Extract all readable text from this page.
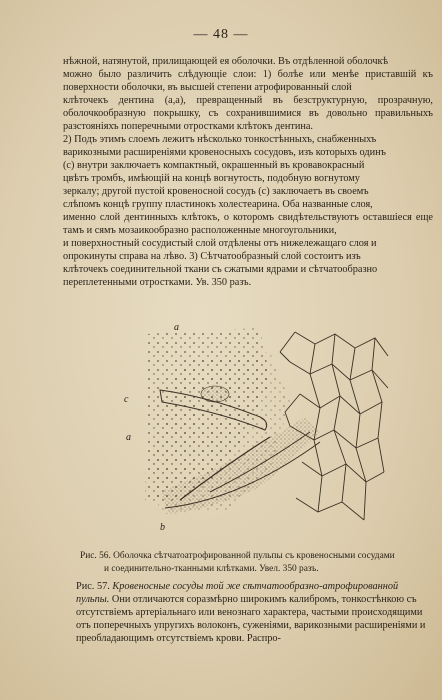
— 48 —
нѣжной, натянутой, прилищающей ея оболочки. Въ отдѣленной оболочкѣ
можно было различить слѣдующіе слои: 1) болѣе или менѣе приставшій къ поверхности оболочки, въ высшей степени атрофированный слой
клѣточекъ дентина (a,a), превращенный въ безструктурную, прозрачную, оболочкообразную покрышку, съ сохранившимися въ довольно правильныхъ разстояніяхъ поперечными отростками клѣтокъ дентина.
2) Подъ этимъ слоемъ лежитъ нѣсколько тонкостѣнныхъ, снабженныхъ
варикозными расширеніями кровеносныхъ сосудовъ, изъ которыхъ одинъ
(c) внутри заключаетъ компактный, окрашенный въ кровавокрасный
цвѣтъ тромбъ, имѣющій на концѣ вогнутость, подобную вогнутому
зеркалу; другой пустой кровеносной сосудъ (c) заключаетъ въ своемъ
слѣпомъ концѣ группу пластинокъ холестеарина. Оба названные слоя,
именно слой дентинныхъ клѣтокъ, о которомъ свидѣтельствуютъ оставшіеся еще тамъ и сямъ мозаикообразно расположенные многоугольники,
и поверхностный сосудистый слой отдѣлены отъ нижележащаго слоя и
опрокинуты справа на лѣво. 3) Сѣтчатообразный слой состоитъ изъ
клѣточекъ соединительной ткани съ сжатыми ядрами и сѣтчатообразно
переплетенными отростками. Ув. 350 разъ.
a
c
a
b
Рис. 56. Оболочка сѣтчатоатрофированной пульпы съ кровеносными сосудами
и соединительно-тканными клѣтками. Увел. 350 разъ.
Рис. 57. Кровеносные сосуды той же сѣтчатообразно-атрофированной пульпы. Они отличаются соразмѣрно широкимъ калибромъ, тонкостѣнкою съ отсутствіемъ артеріальнаго или венознаго характера, частыми происходящими отъ поперечныхъ упругихъ волоконъ, суженіями, варикозными расширеніями и преобладающимъ отсутствіемъ крови. Распро-
